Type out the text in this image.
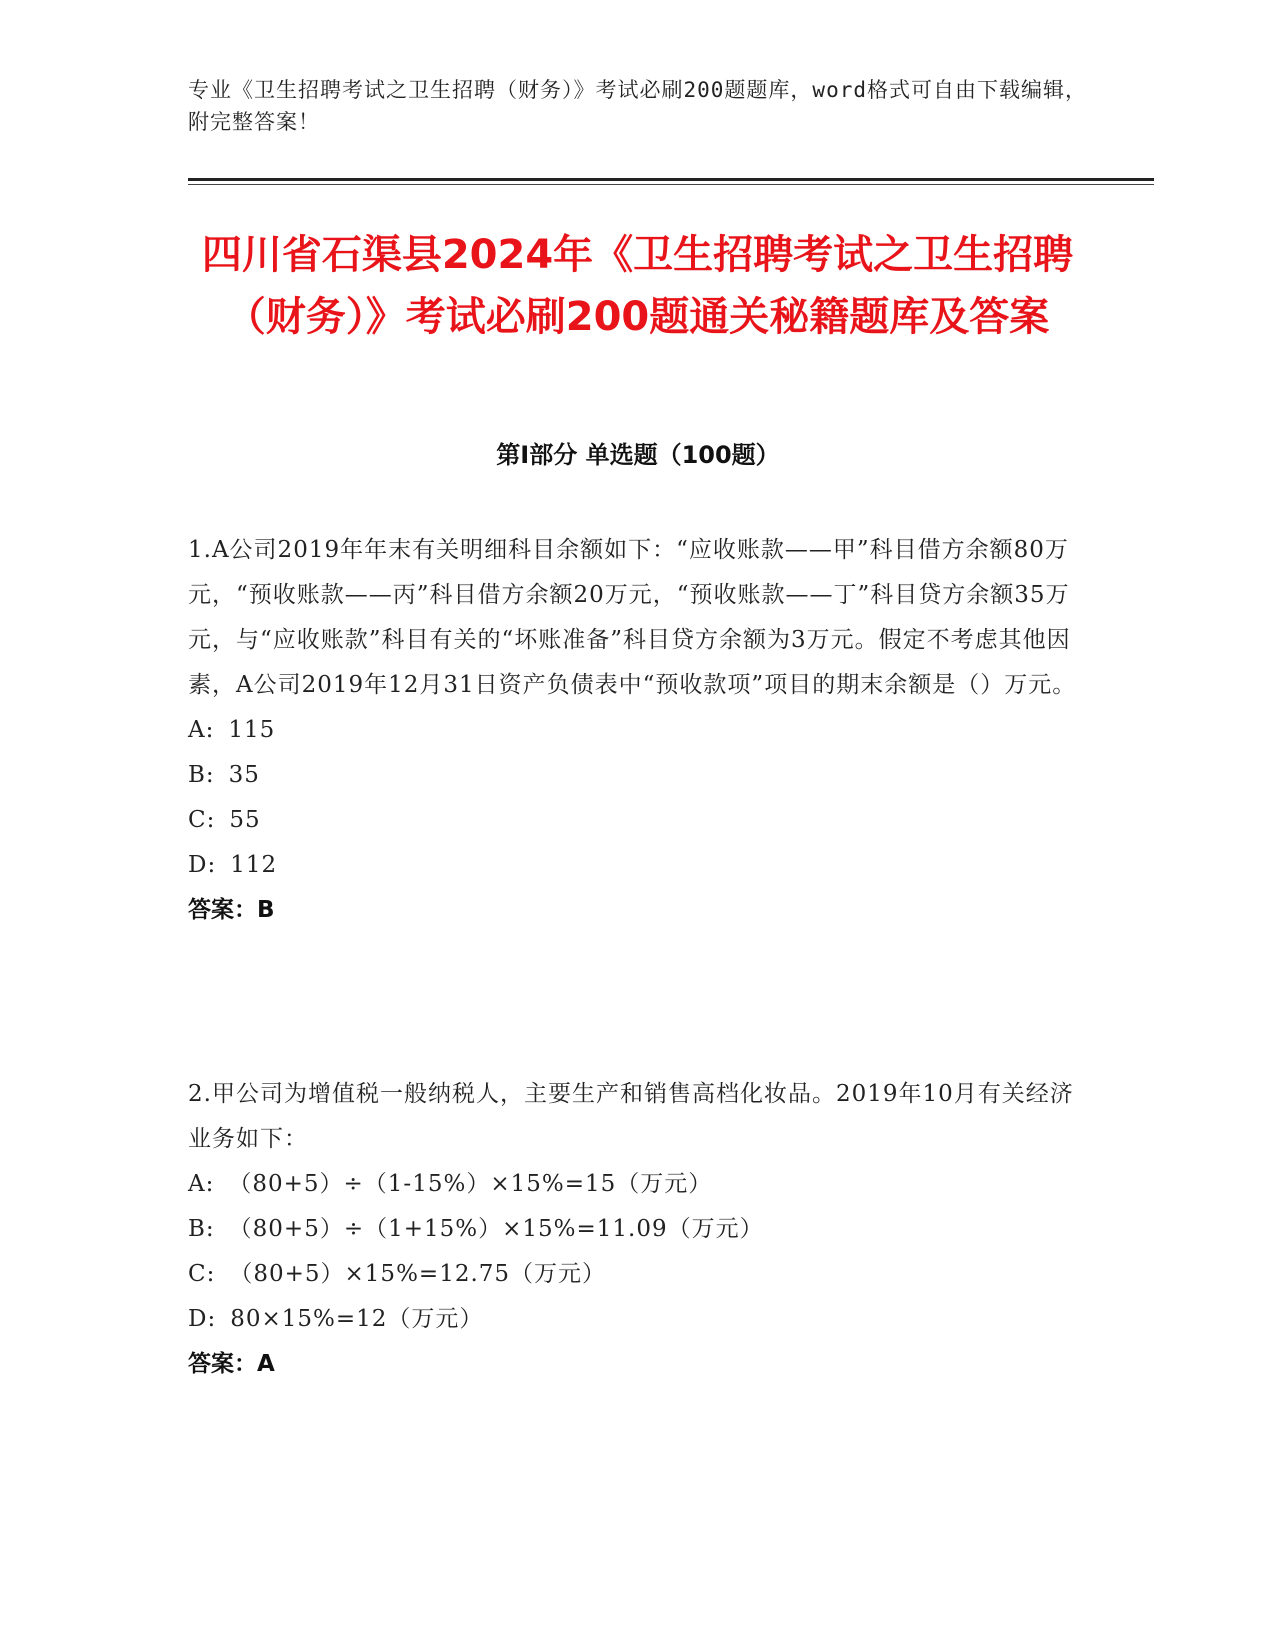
专业《卫生招聘考试之卫生招聘（财务）》考试必刷200题题库，word格式可自由下载编辑，附完整答案！
四川省石渠县2024年《卫生招聘考试之卫生招聘（财务）》考试必刷200题通关秘籍题库及答案
第I部分 单选题（100题）
1.A公司2019年年末有关明细科目余额如下：“应收账款——甲”科目借方余额80万元，“预收账款——丙”科目借方余额20万元，“预收账款——丁”科目贷方余额35万元，与“应收账款”科目有关的“坏账准备”科目贷方余额为3万元。假定不考虑其他因素，A公司2019年12月31日资产负债表中“预收款项”项目的期末余额是（）万元。
A: 115
B: 35
C: 55
D: 112
答案：B
2.甲公司为增值税一般纳税人，主要生产和销售高档化妆品。2019年10月有关经济业务如下：
A: （80+5）÷（1-15%）×15%=15（万元）
B: （80+5）÷（1+15%）×15%=11.09（万元）
C: （80+5）×15%=12.75（万元）
D: 80×15%=12（万元）
答案：A
